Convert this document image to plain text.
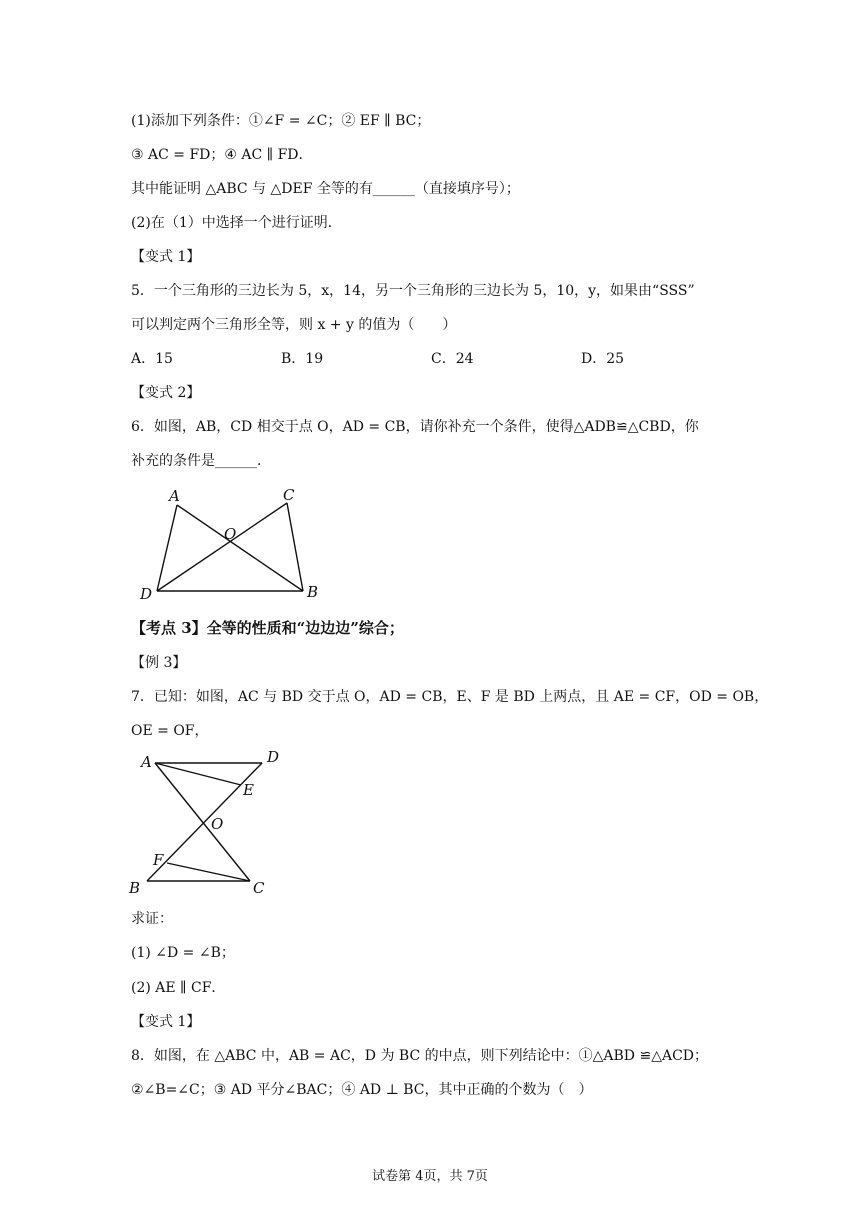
(1)添加下列条件：①∠F = ∠C；② EF ∥ BC；
③ AC = FD；④ AC ∥ FD．
其中能证明 △ABC 与 △DEF 全等的有______（直接填序号）；
(2)在（1）中选择一个进行证明．
【变式 1】
5．一个三角形的三边长为 5，x，14，另一个三角形的三边长为 5，10，y，如果由“SSS”
可以判定两个三角形全等，则 x + y 的值为（　　）
A．15	B．19	C．24	D．25
【变式 2】
6．如图，AB，CD 相交于点 O，AD = CB，请你补充一个条件，使得△ADB≌△CBD，你
补充的条件是______．
A	C
O
D	B
【考点 3】全等的性质和“边边边”综合；
【例 3】
7．已知：如图，AC 与 BD 交于点 O，AD = CB，E、F 是 BD 上两点，且 AE = CF，OD = OB，
OE = OF，
A	D
E
O
F
B	C
求证：
(1) ∠D = ∠B；
(2) AE ∥ CF．
【变式 1】
8．如图，在 △ABC 中，AB = AC，D 为 BC 的中点，则下列结论中：①△ABD ≌△ACD；
②∠B=∠C；③ AD 平分∠BAC；④ AD ⊥ BC，其中正确的个数为（　）
试卷第 4页，共 7页
